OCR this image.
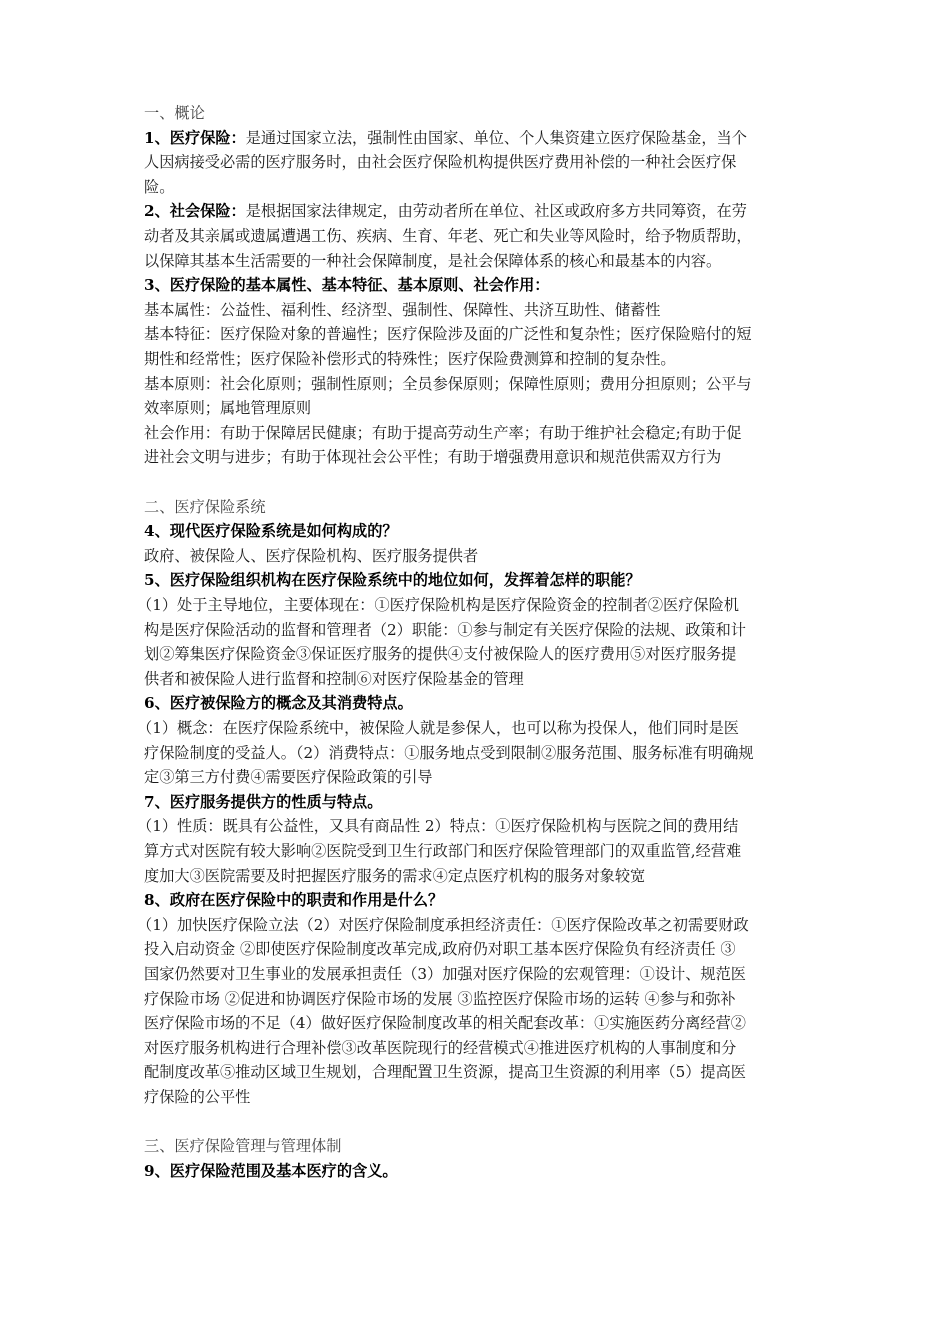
一、概论
1、医疗保险：是通过国家立法，强制性由国家、单位、个人集资建立医疗保险基金，当个
人因病接受必需的医疗服务时，由社会医疗保险机构提供医疗费用补偿的一种社会医疗保
险。
2、社会保险：是根据国家法律规定，由劳动者所在单位、社区或政府多方共同筹资，在劳
动者及其亲属或遗属遭遇工伤、疾病、生育、年老、死亡和失业等风险时，给予物质帮助，
以保障其基本生活需要的一种社会保障制度，是社会保障体系的核心和最基本的内容。
3、医疗保险的基本属性、基本特征、基本原则、社会作用：
基本属性：公益性、福利性、经济型、强制性、保障性、共济互助性、储蓄性
基本特征：医疗保险对象的普遍性；医疗保险涉及面的广泛性和复杂性；医疗保险赔付的短
期性和经常性；医疗保险补偿形式的特殊性；医疗保险费测算和控制的复杂性。
基本原则：社会化原则；强制性原则；全员参保原则；保障性原则；费用分担原则；公平与
效率原则；属地管理原则
社会作用：有助于保障居民健康；有助于提高劳动生产率；有助于维护社会稳定;有助于促
进社会文明与进步；有助于体现社会公平性；有助于增强费用意识和规范供需双方行为
二、医疗保险系统
4、现代医疗保险系统是如何构成的？
政府、被保险人、医疗保险机构、医疗服务提供者
5、医疗保险组织机构在医疗保险系统中的地位如何，发挥着怎样的职能？
（1）处于主导地位，主要体现在：①医疗保险机构是医疗保险资金的控制者②医疗保险机
构是医疗保险活动的监督和管理者（2）职能：①参与制定有关医疗保险的法规、政策和计
划②筹集医疗保险资金③保证医疗服务的提供④支付被保险人的医疗费用⑤对医疗服务提
供者和被保险人进行监督和控制⑥对医疗保险基金的管理
6、医疗被保险方的概念及其消费特点。
（1）概念：在医疗保险系统中，被保险人就是参保人，也可以称为投保人，他们同时是医
疗保险制度的受益人。（2）消费特点：①服务地点受到限制②服务范围、服务标准有明确规
定③第三方付费④需要医疗保险政策的引导
7、医疗服务提供方的性质与特点。
（1）性质：既具有公益性，又具有商品性 2）特点：①医疗保险机构与医院之间的费用结
算方式对医院有较大影响②医院受到卫生行政部门和医疗保险管理部门的双重监管,经营难
度加大③医院需要及时把握医疗服务的需求④定点医疗机构的服务对象较宽
8、政府在医疗保险中的职责和作用是什么？
（1）加快医疗保险立法（2）对医疗保险制度承担经济责任：①医疗保险改革之初需要财政
投入启动资金 ②即使医疗保险制度改革完成,政府仍对职工基本医疗保险负有经济责任 ③
国家仍然要对卫生事业的发展承担责任（3）加强对医疗保险的宏观管理：①设计、规范医
疗保险市场 ②促进和协调医疗保险市场的发展 ③监控医疗保险市场的运转 ④参与和弥补
医疗保险市场的不足（4）做好医疗保险制度改革的相关配套改革：①实施医药分离经营②
对医疗服务机构进行合理补偿③改革医院现行的经营模式④推进医疗机构的人事制度和分
配制度改革⑤推动区域卫生规划，合理配置卫生资源，提高卫生资源的利用率（5）提高医
疗保险的公平性
三、医疗保险管理与管理体制
9、医疗保险范围及基本医疗的含义。
